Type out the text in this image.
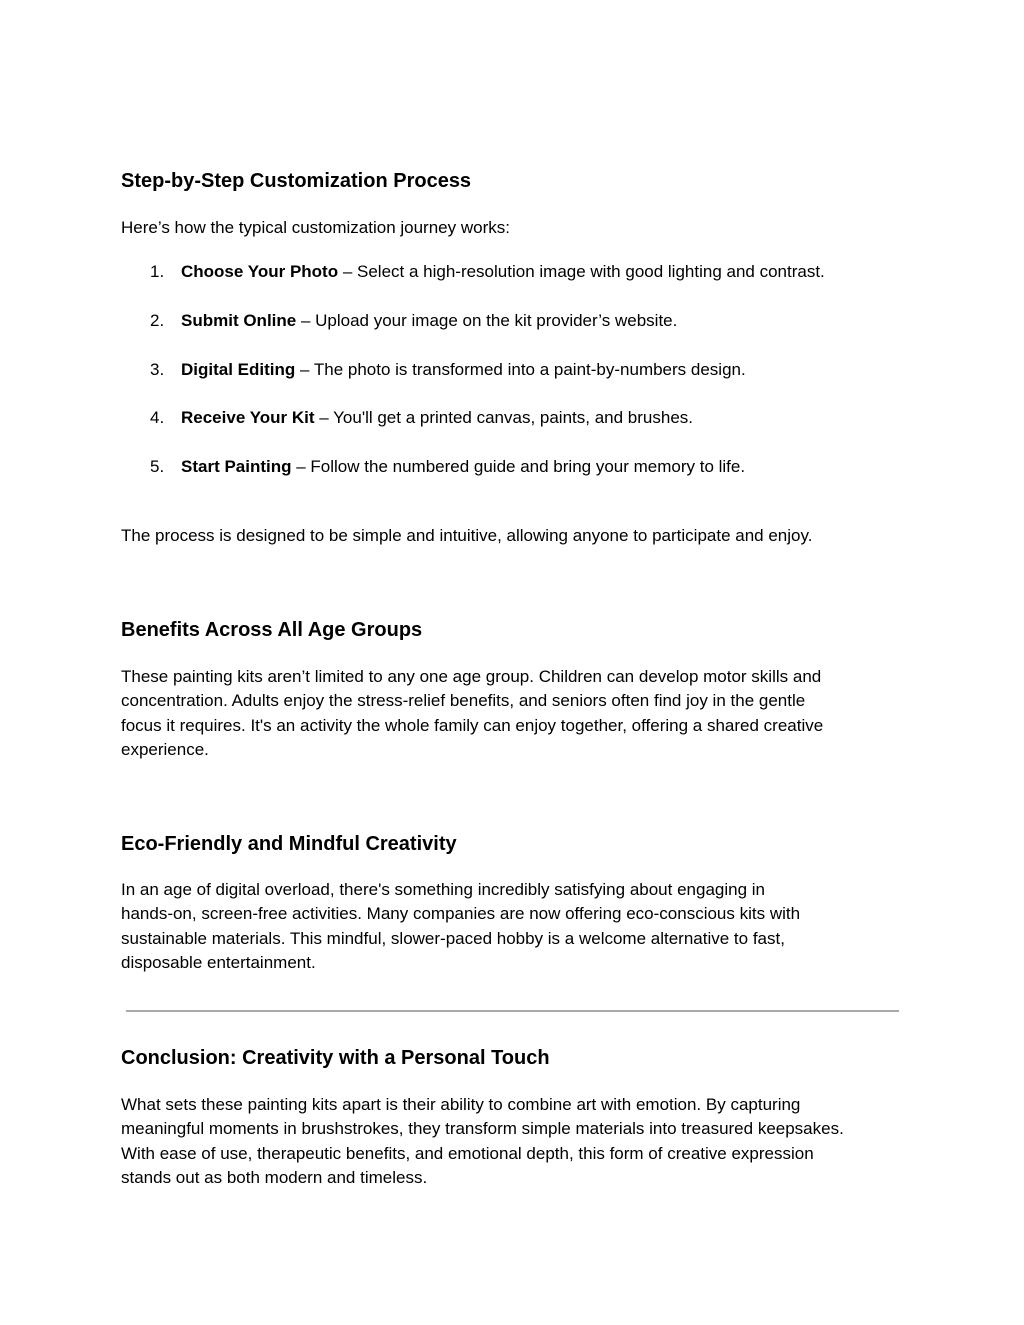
Step-by-Step Customization Process

Here’s how the typical customization journey works:

1. Choose Your Photo – Select a high-resolution image with good lighting and contrast.
2. Submit Online – Upload your image on the kit provider’s website.
3. Digital Editing – The photo is transformed into a paint-by-numbers design.
4. Receive Your Kit – You'll get a printed canvas, paints, and brushes.
5. Start Painting – Follow the numbered guide and bring your memory to life.

The process is designed to be simple and intuitive, allowing anyone to participate and enjoy.

Benefits Across All Age Groups

These painting kits aren’t limited to any one age group. Children can develop motor skills and
concentration. Adults enjoy the stress-relief benefits, and seniors often find joy in the gentle
focus it requires. It's an activity the whole family can enjoy together, offering a shared creative
experience.

Eco-Friendly and Mindful Creativity

In an age of digital overload, there's something incredibly satisfying about engaging in
hands-on, screen-free activities. Many companies are now offering eco-conscious kits with
sustainable materials. This mindful, slower-paced hobby is a welcome alternative to fast,
disposable entertainment.

Conclusion: Creativity with a Personal Touch

What sets these painting kits apart is their ability to combine art with emotion. By capturing
meaningful moments in brushstrokes, they transform simple materials into treasured keepsakes.
With ease of use, therapeutic benefits, and emotional depth, this form of creative expression
stands out as both modern and timeless.
